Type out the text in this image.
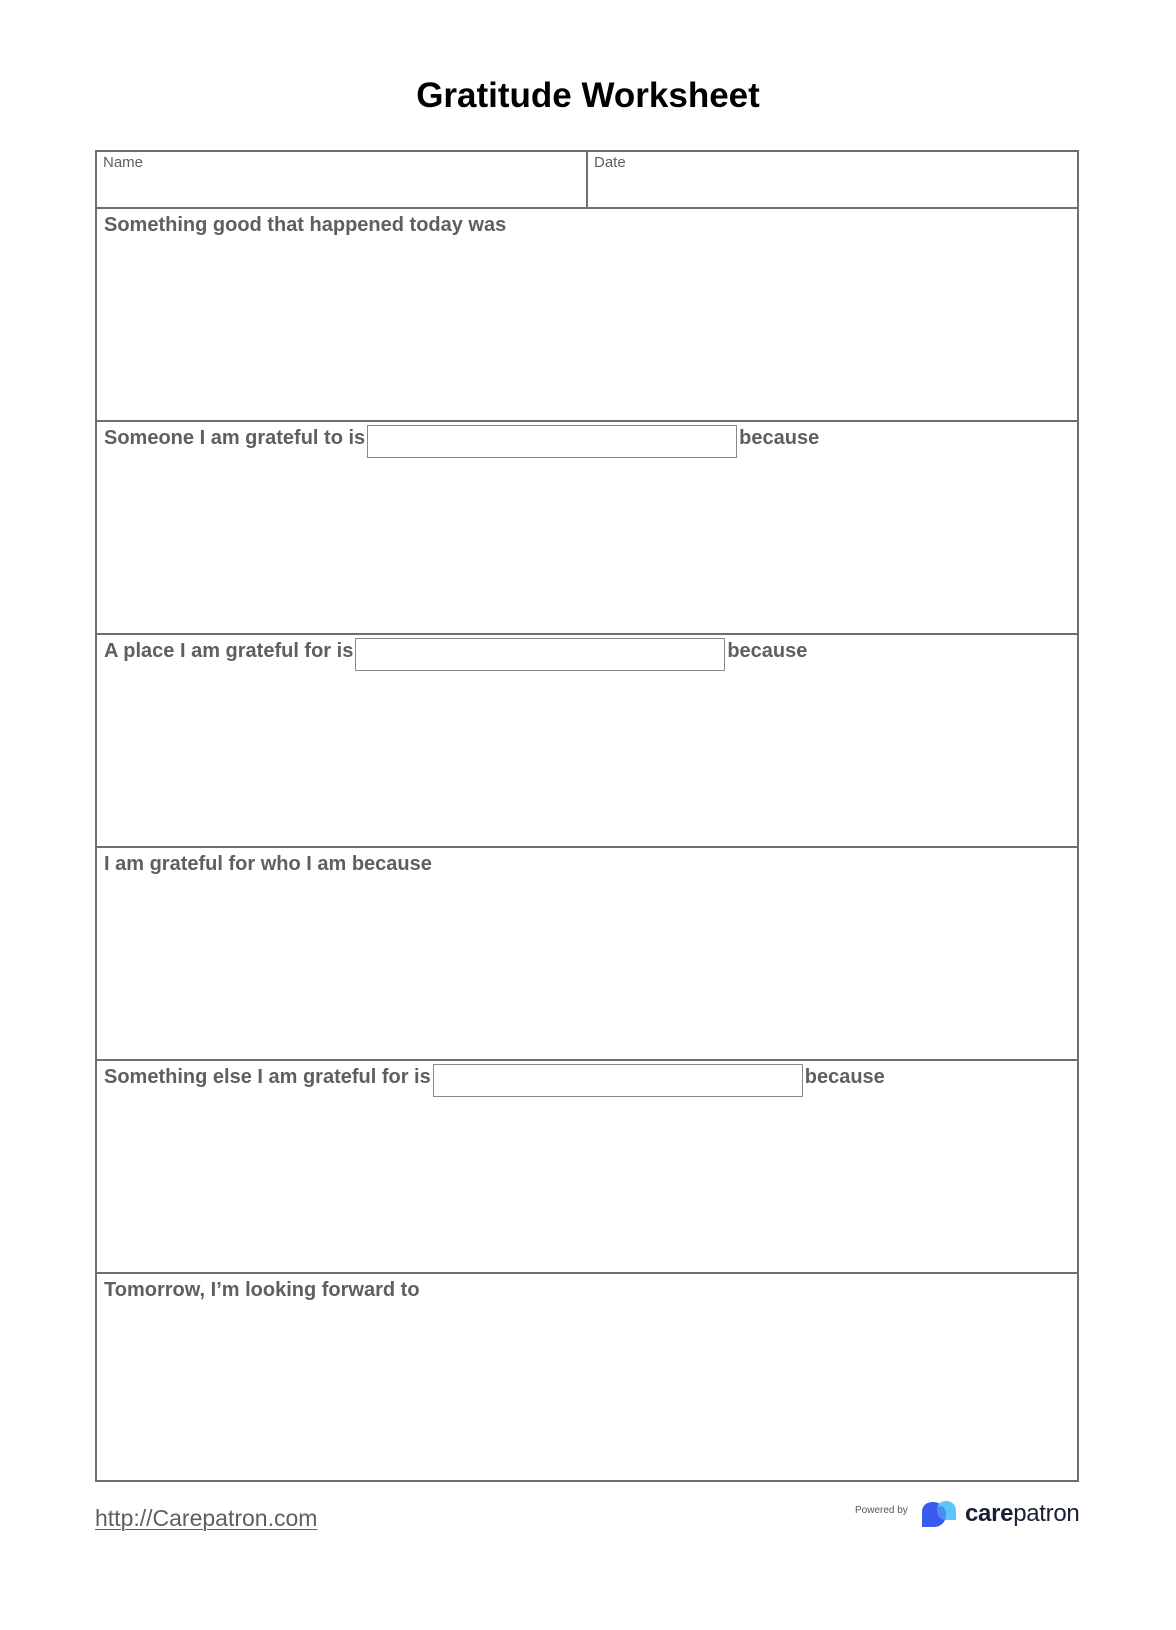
Gratitude Worksheet
Name	Date
Something good that happened today was
Someone I am grateful to is	because
A place I am grateful for is	because
I am grateful for who I am because
Something else I am grateful for is	because
Tomorrow, I’m looking forward to
http://Carepatron.com	Powered by carepatron
